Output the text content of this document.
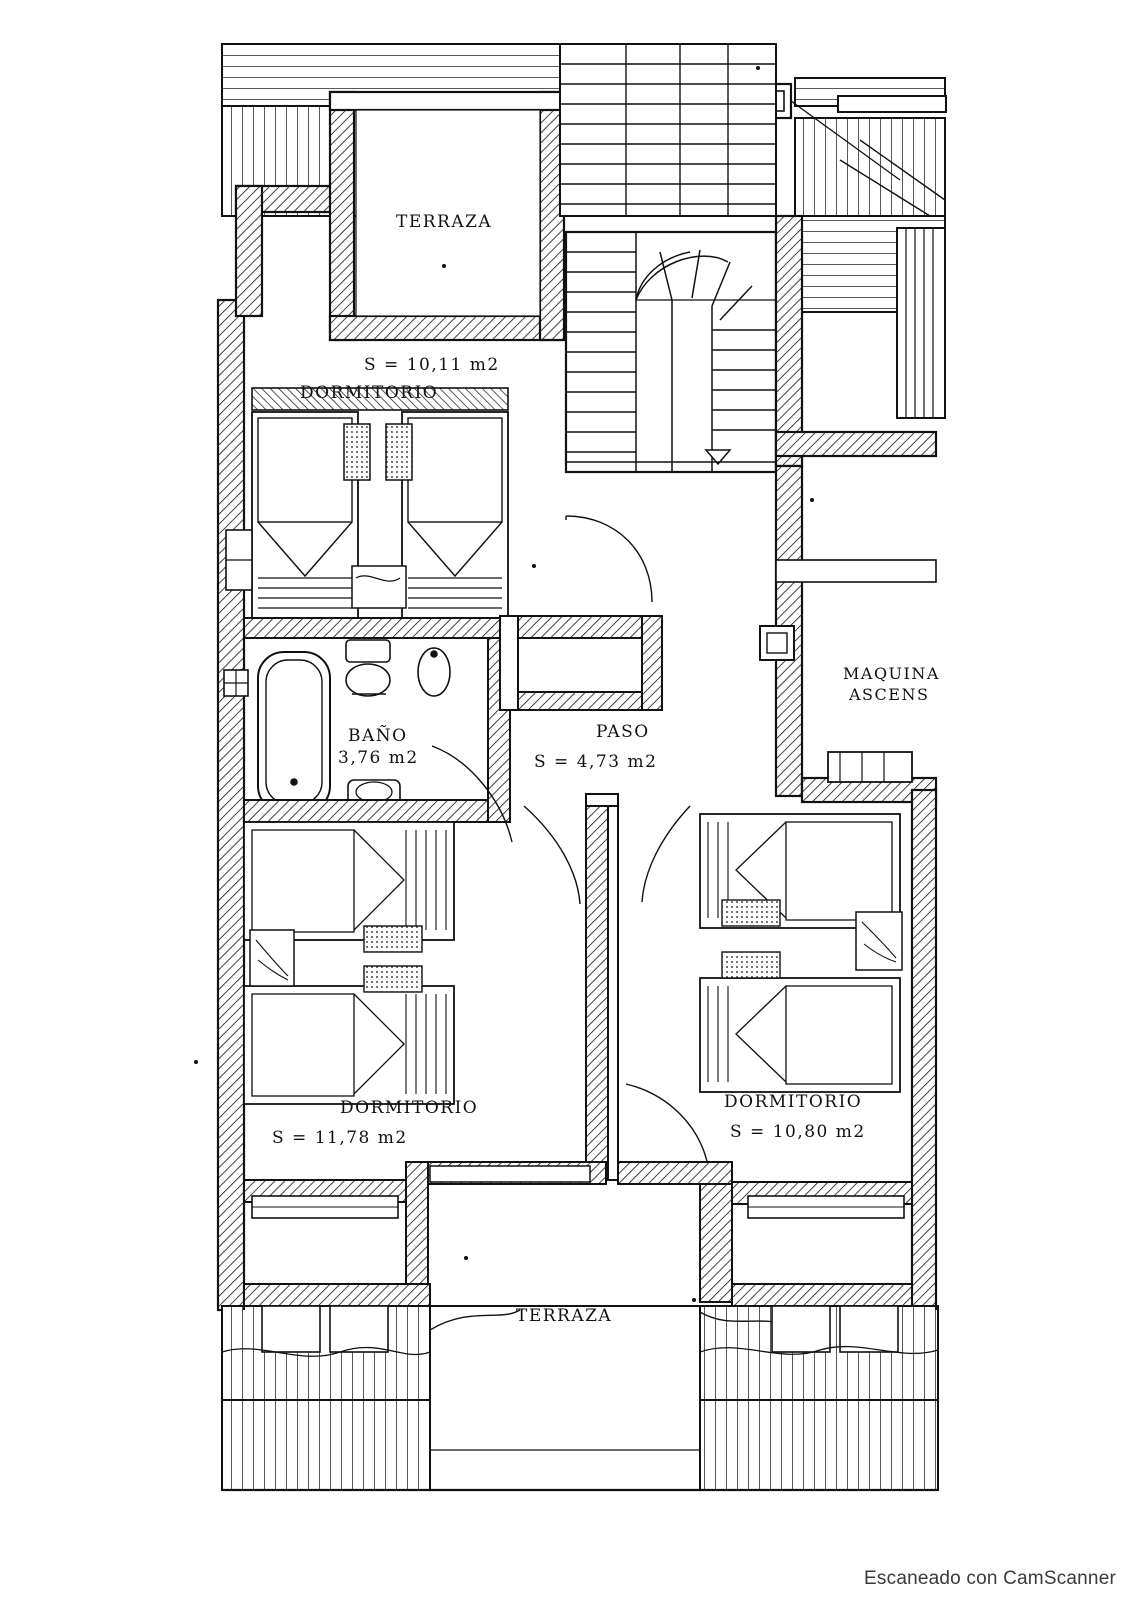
TERRAZA
S = 10,11 m2
DORMITORIO
BAÑO
3,76 m2
PASO
S = 4,73 m2
MAQUINA
ASCENS
DORMITORIO
S = 11,78 m2
DORMITORIO
S = 10,80 m2
TERRAZA
Escaneado con CamScanner
